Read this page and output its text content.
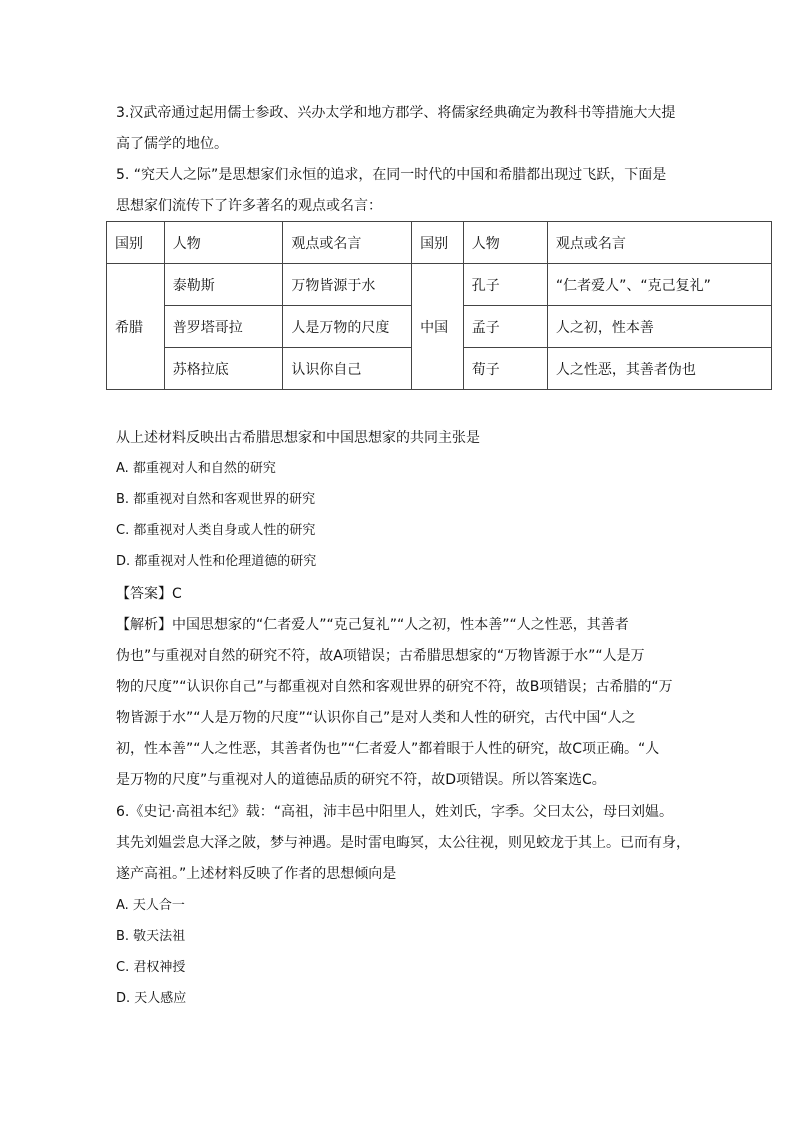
3.汉武帝通过起用儒士参政、兴办太学和地方郡学、将儒家经典确定为教科书等措施大大提
高了儒学的地位。
5. “究天人之际”是思想家们永恒的追求，在同一时代的中国和希腊都出现过飞跃，下面是
思想家们流传下了许多著名的观点或名言：
国别	人物	观点或名言	国别	人物	观点或名言
希腊	泰勒斯	万物皆源于水	中国	孔子	“仁者爱人”、“克己复礼”
	普罗塔哥拉	人是万物的尺度		孟子	人之初，性本善
	苏格拉底	认识你自己		荀子	人之性恶，其善者伪也
从上述材料反映出古希腊思想家和中国思想家的共同主张是
A. 都重视对人和自然的研究
B. 都重视对自然和客观世界的研究
C. 都重视对人类自身或人性的研究
D. 都重视对人性和伦理道德的研究
【答案】C
【解析】中国思想家的“仁者爱人”“克己复礼”“人之初，性本善”“人之性恶，其善者
伪也”与重视对自然的研究不符，故A项错误；古希腊思想家的“万物皆源于水”“人是万
物的尺度”“认识你自己”与都重视对自然和客观世界的研究不符，故B项错误；古希腊的“万
物皆源于水”“人是万物的尺度”“认识你自己”是对人类和人性的研究，古代中国“人之
初，性本善”“人之性恶，其善者伪也”“仁者爱人”都着眼于人性的研究，故C项正确。“人
是万物的尺度”与重视对人的道德品质的研究不符，故D项错误。所以答案选C。
6.《史记·高祖本纪》载：“高祖，沛丰邑中阳里人，姓刘氏，字季。父曰太公，母曰刘媪。
其先刘媪尝息大泽之陂，梦与神遇。是时雷电晦冥，太公往视，则见蛟龙于其上。已而有身，
遂产高祖。”上述材料反映了作者的思想倾向是
A. 天人合一
B. 敬天法祖
C. 君权神授
D. 天人感应
